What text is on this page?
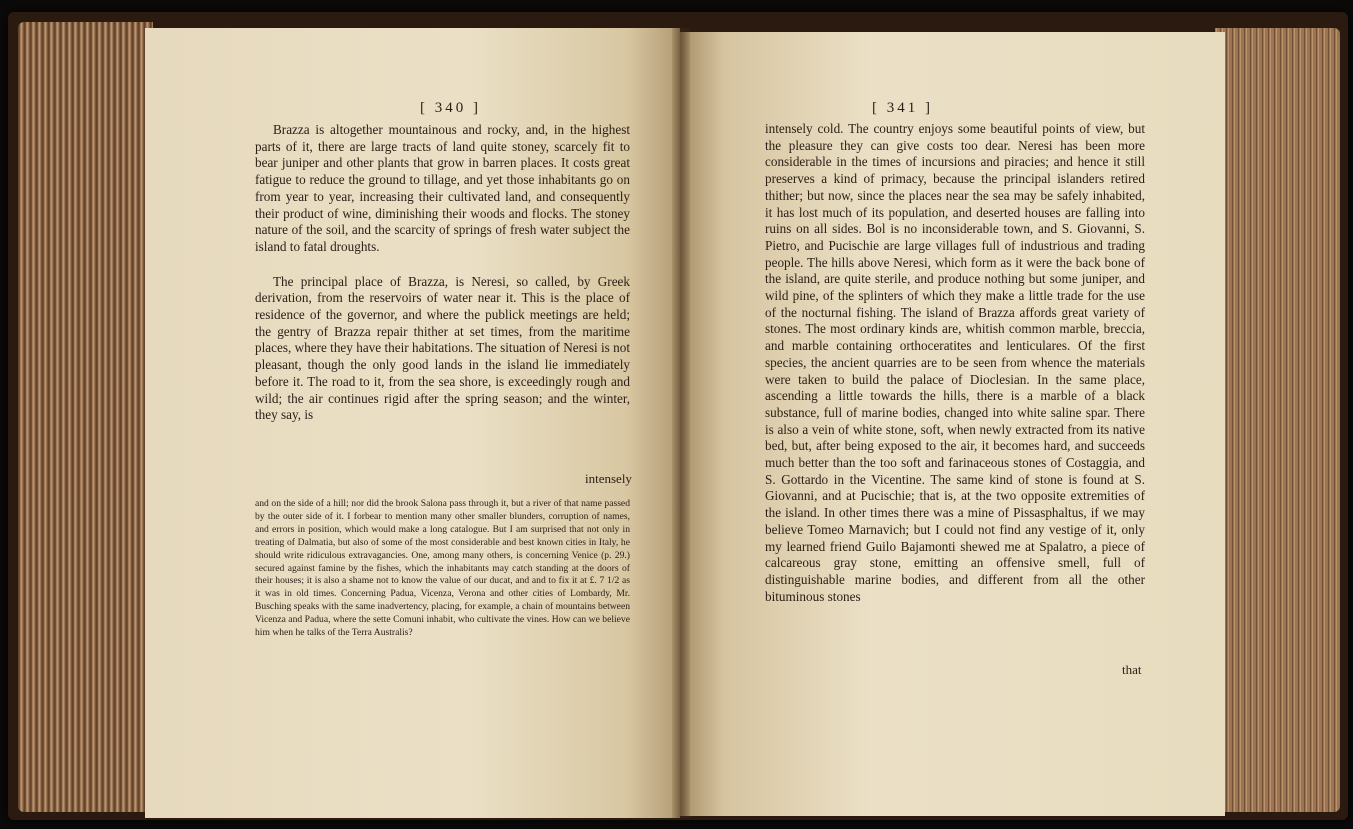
[ 340 ]

Brazza is altogether mountainous and rocky, and, in the highest parts of it, there are large tracts of land quite stoney, scarcely fit to bear juniper and other plants that grow in barren places. It costs great fatigue to reduce the ground to tillage, and yet those inhabitants go on from year to year, increasing their cultivated land, and consequently their product of wine, diminishing their woods and flocks. The stoney nature of the soil, and the scarcity of springs of fresh water subject the island to fatal droughts.

The principal place of Brazza, is Neresi, so called, by Greek derivation, from the reservoirs of water near it. This is the place of residence of the governor, and where the publick meetings are held; the gentry of Brazza repair thither at set times, from the maritime places, where they have their habitations. The situation of Neresi is not pleasant, though the only good lands in the island lie immediately before it. The road to it, from the sea shore, is exceedingly rough and wild; the air continues rigid after the spring season; and the winter, they say, is

intensely

and on the side of a hill; nor did the brook Salona pass through it, but a river of that name passed by the outer side of it. I forbear to mention many other smaller blunders, corruption of names, and errors in position, which would make a long catalogue. But I am surprised that not only in treating of Dalmatia, but also of some of the most considerable and best known cities in Italy, he should write ridiculous extravagancies. One, among many others, is concerning Venice (p. 29.) secured against famine by the fishes, which the inhabitants may catch standing at the doors of their houses; it is also a shame not to know the value of our ducat, and and to fix it at £. 7 1/2 as it was in old times. Concerning Padua, Vicenza, Verona and other cities of Lombardy, Mr. Busching speaks with the same inadvertency, placing, for example, a chain of mountains between Vicenza and Padua, where the sette Comuni inhabit, who cultivate the vines. How can we believe him when he talks of the Terra Australis?

[ 341 ]

intensely cold. The country enjoys some beautiful points of view, but the pleasure they can give costs too dear. Neresi has been more considerable in the times of incursions and piracies; and hence it still preserves a kind of primacy, because the principal islanders retired thither; but now, since the places near the sea may be safely inhabited, it has lost much of its population, and deserted houses are falling into ruins on all sides. Bol is no inconsiderable town, and S. Giovanni, S. Pietro, and Pucischie are large villages full of industrious and trading people. The hills above Neresi, which form as it were the back bone of the island, are quite sterile, and produce nothing but some juniper, and wild pine, of the splinters of which they make a little trade for the use of the nocturnal fishing. The island of Brazza affords great variety of stones. The most ordinary kinds are, whitish common marble, breccia, and marble containing orthoceratites and lenticulares. Of the first species, the ancient quarries are to be seen from whence the materials were taken to build the palace of Dioclesian. In the same place, ascending a little towards the hills, there is a marble of a black substance, full of marine bodies, changed into white saline spar. There is also a vein of white stone, soft, when newly extracted from its native bed, but, after being exposed to the air, it becomes hard, and succeeds much better than the too soft and farinaceous stones of Costaggia, and S. Gottardo in the Vicentine. The same kind of stone is found at S. Giovanni, and at Pucischie; that is, at the two opposite extremities of the island. In other times there was a mine of Pissasphaltus, if we may believe Tomeo Marnavich; but I could not find any vestige of it, only my learned friend Guilo Bajamonti shewed me at Spalatro, a piece of calcareous gray stone, emitting an offensive smell, full of distinguishable marine bodies, and different from all the other bituminous stones

that
